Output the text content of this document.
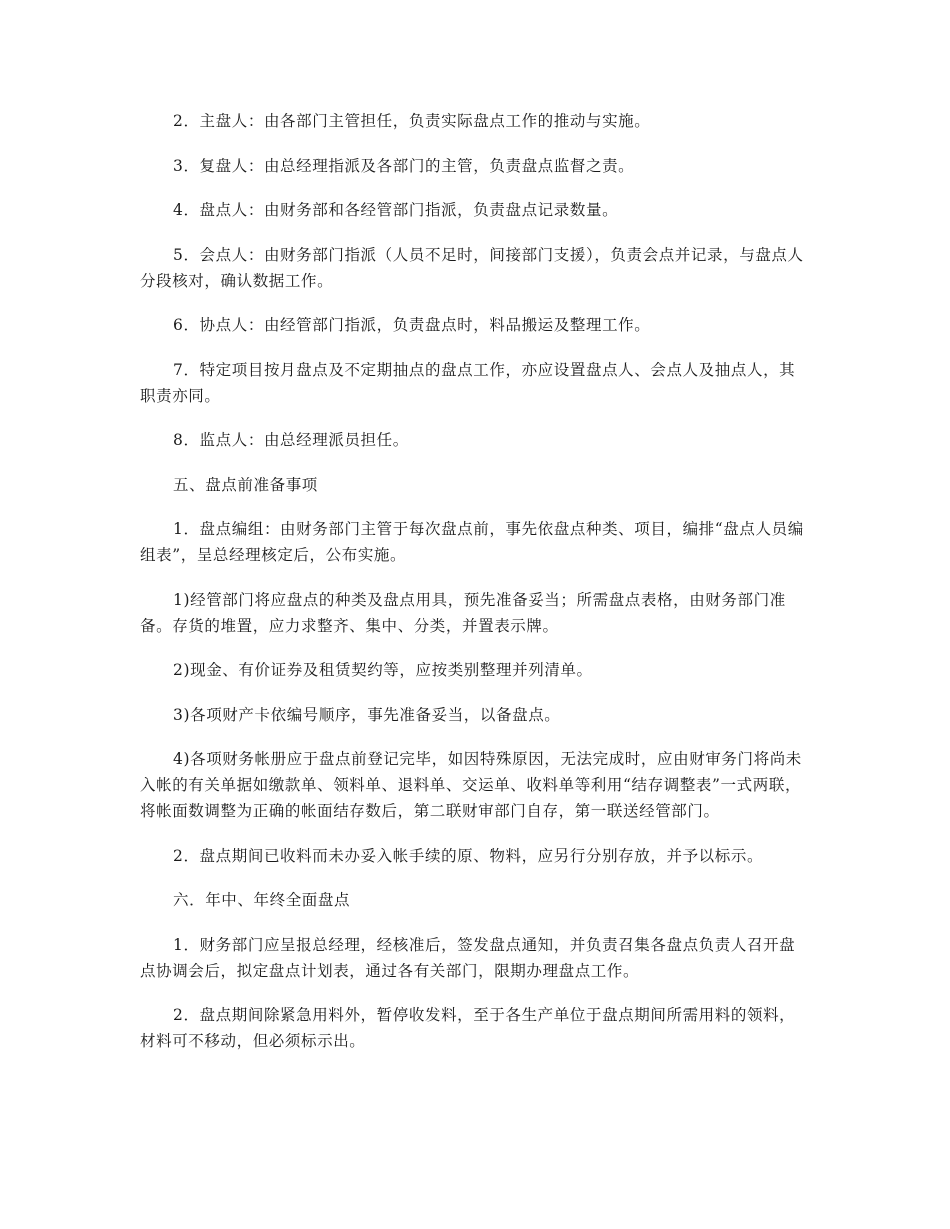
2．主盘人：由各部门主管担任，负责实际盘点工作的推动与实施。

3．复盘人：由总经理指派及各部门的主管，负责盘点监督之责。

4．盘点人：由财务部和各经管部门指派，负责盘点记录数量。

5．会点人：由财务部门指派（人员不足时，间接部门支援），负责会点并记录，与盘点人分段核对，确认数据工作。

6．协点人：由经管部门指派，负责盘点时，料品搬运及整理工作。

7．特定项目按月盘点及不定期抽点的盘点工作，亦应设置盘点人、会点人及抽点人，其职责亦同。

8．监点人：由总经理派员担任。

五、盘点前准备事项

1．盘点编组：由财务部门主管于每次盘点前，事先依盘点种类、项目，编排“盘点人员编组表”，呈总经理核定后，公布实施。

1)经管部门将应盘点的种类及盘点用具，预先准备妥当；所需盘点表格，由财务部门准备。存货的堆置，应力求整齐、集中、分类，并置表示牌。

2)现金、有价证券及租赁契约等，应按类别整理并列清单。

3)各项财产卡依编号顺序，事先准备妥当，以备盘点。

4)各项财务帐册应于盘点前登记完毕，如因特殊原因，无法完成时，应由财审务门将尚未入帐的有关单据如缴款单、领料单、退料单、交运单、收料单等利用“结存调整表”一式两联，将帐面数调整为正确的帐面结存数后，第二联财审部门自存，第一联送经管部门。

2．盘点期间已收料而未办妥入帐手续的原、物料，应另行分别存放，并予以标示。

六．年中、年终全面盘点

1．财务部门应呈报总经理，经核准后，签发盘点通知，并负责召集各盘点负责人召开盘点协调会后，拟定盘点计划表，通过各有关部门，限期办理盘点工作。

2．盘点期间除紧急用料外，暂停收发料，至于各生产单位于盘点期间所需用料的领料，材料可不移动，但必须标示出。
